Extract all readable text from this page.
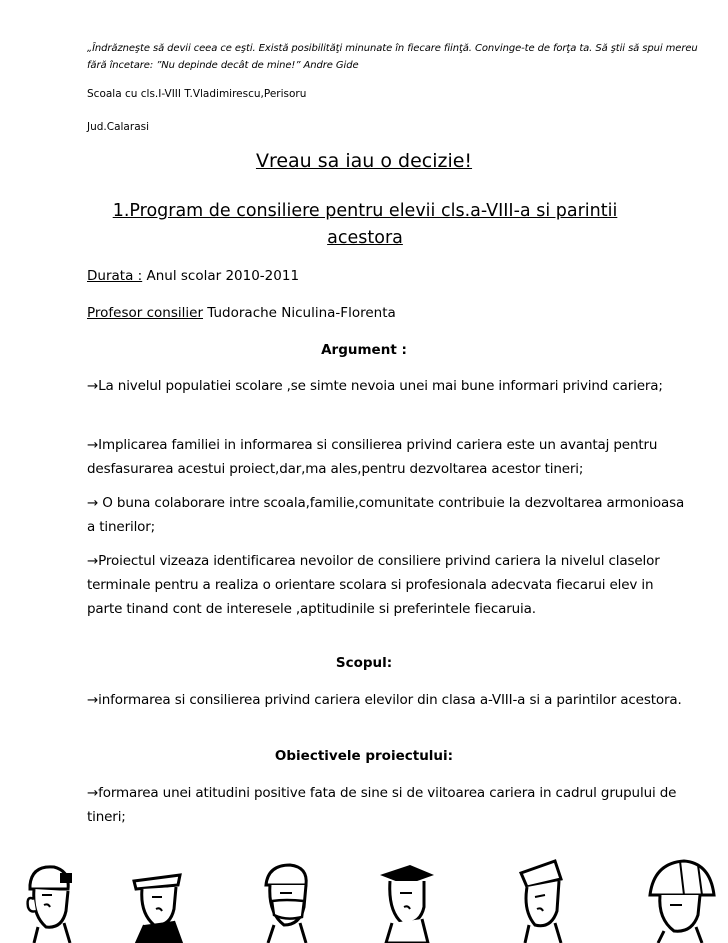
„Îndrăzneşte să devii ceea ce eşti. Există posibilităţi minunate în fiecare fiinţă. Convinge-te de forţa ta. Să ştii să spui mereu fără încetare: ”Nu depinde decât de mine!” Andre Gide
Scoala cu cls.I-VIII T.Vladimirescu,Perisoru
Jud.Calarasi
Vreau sa iau o decizie!
1.Program de consiliere pentru elevii cls.a-VIII-a si parintii acestora
Durata : Anul scolar 2010-2011
Profesor consilier Tudorache Niculina-Florenta
Argument :
→La nivelul populatiei scolare ,se simte nevoia unei mai bune informari privind cariera;
→Implicarea familiei in informarea si consilierea privind cariera este un avantaj pentru desfasurarea acestui proiect,dar,ma ales,pentru dezvoltarea acestor tineri;
→ O buna colaborare intre scoala,familie,comunitate contribuie la dezvoltarea armonioasa a tinerilor;
→Proiectul vizeaza identificarea nevoilor de consiliere privind cariera la nivelul claselor terminale pentru a realiza o orientare scolara si profesionala adecvata fiecarui elev in parte tinand cont de interesele ,aptitudinile si preferintele fiecaruia.
Scopul:
→informarea si consilierea privind cariera elevilor din clasa a-VIII-a si a parintilor acestora.
Obiectivele proiectului:
→formarea unei atitudini positive fata de sine si de viitoarea cariera in cadrul grupului de tineri;
